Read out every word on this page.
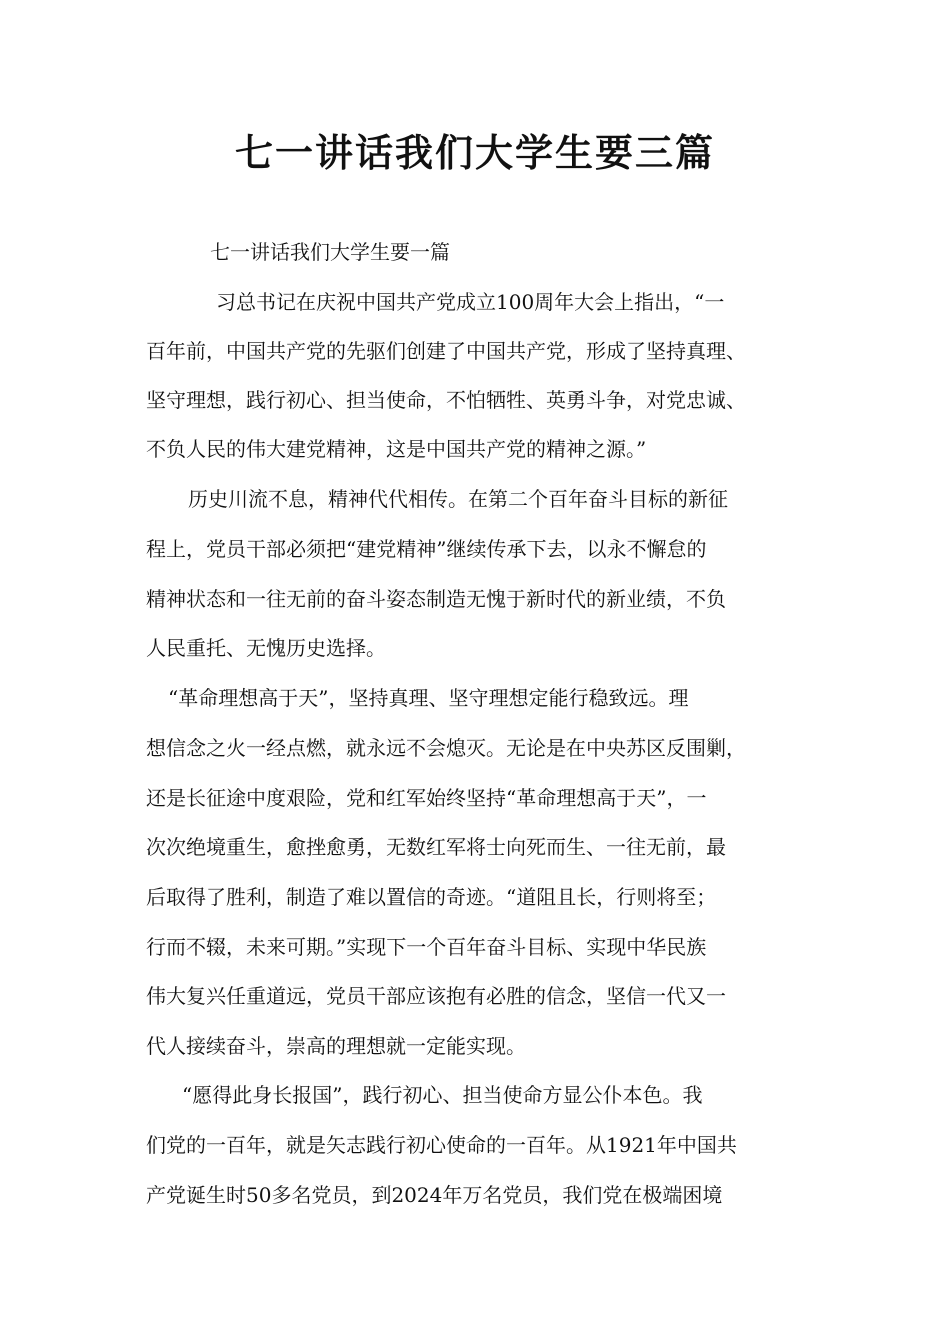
七一讲话我们大学生要三篇

七一讲话我们大学生要一篇

习总书记在庆祝中国共产党成立100周年大会上指出，“一

百年前，中国共产党的先驱们创建了中国共产党，形成了坚持真理、

坚守理想，践行初心、担当使命，不怕牺牲、英勇斗争，对党忠诚、

不负人民的伟大建党精神，这是中国共产党的精神之源。”

历史川流不息，精神代代相传。在第二个百年奋斗目标的新征

程上，党员干部必须把“建党精神”继续传承下去，以永不懈怠的

精神状态和一往无前的奋斗姿态制造无愧于新时代的新业绩，不负

人民重托、无愧历史选择。

“革命理想高于天”，坚持真理、坚守理想定能行稳致远。理

想信念之火一经点燃，就永远不会熄灭。无论是在中央苏区反围剿，

还是长征途中度艰险，党和红军始终坚持“革命理想高于天”，一

次次绝境重生，愈挫愈勇，无数红军将士向死而生、一往无前，最

后取得了胜利，制造了难以置信的奇迹。“道阻且长，行则将至；

行而不辍，未来可期。”实现下一个百年奋斗目标、实现中华民族

伟大复兴任重道远，党员干部应该抱有必胜的信念，坚信一代又一

代人接续奋斗，崇高的理想就一定能实现。

“愿得此身长报国”，践行初心、担当使命方显公仆本色。我

们党的一百年，就是矢志践行初心使命的一百年。从1921年中国共

产党诞生时50多名党员，到2024年万名党员，我们党在极端困境
